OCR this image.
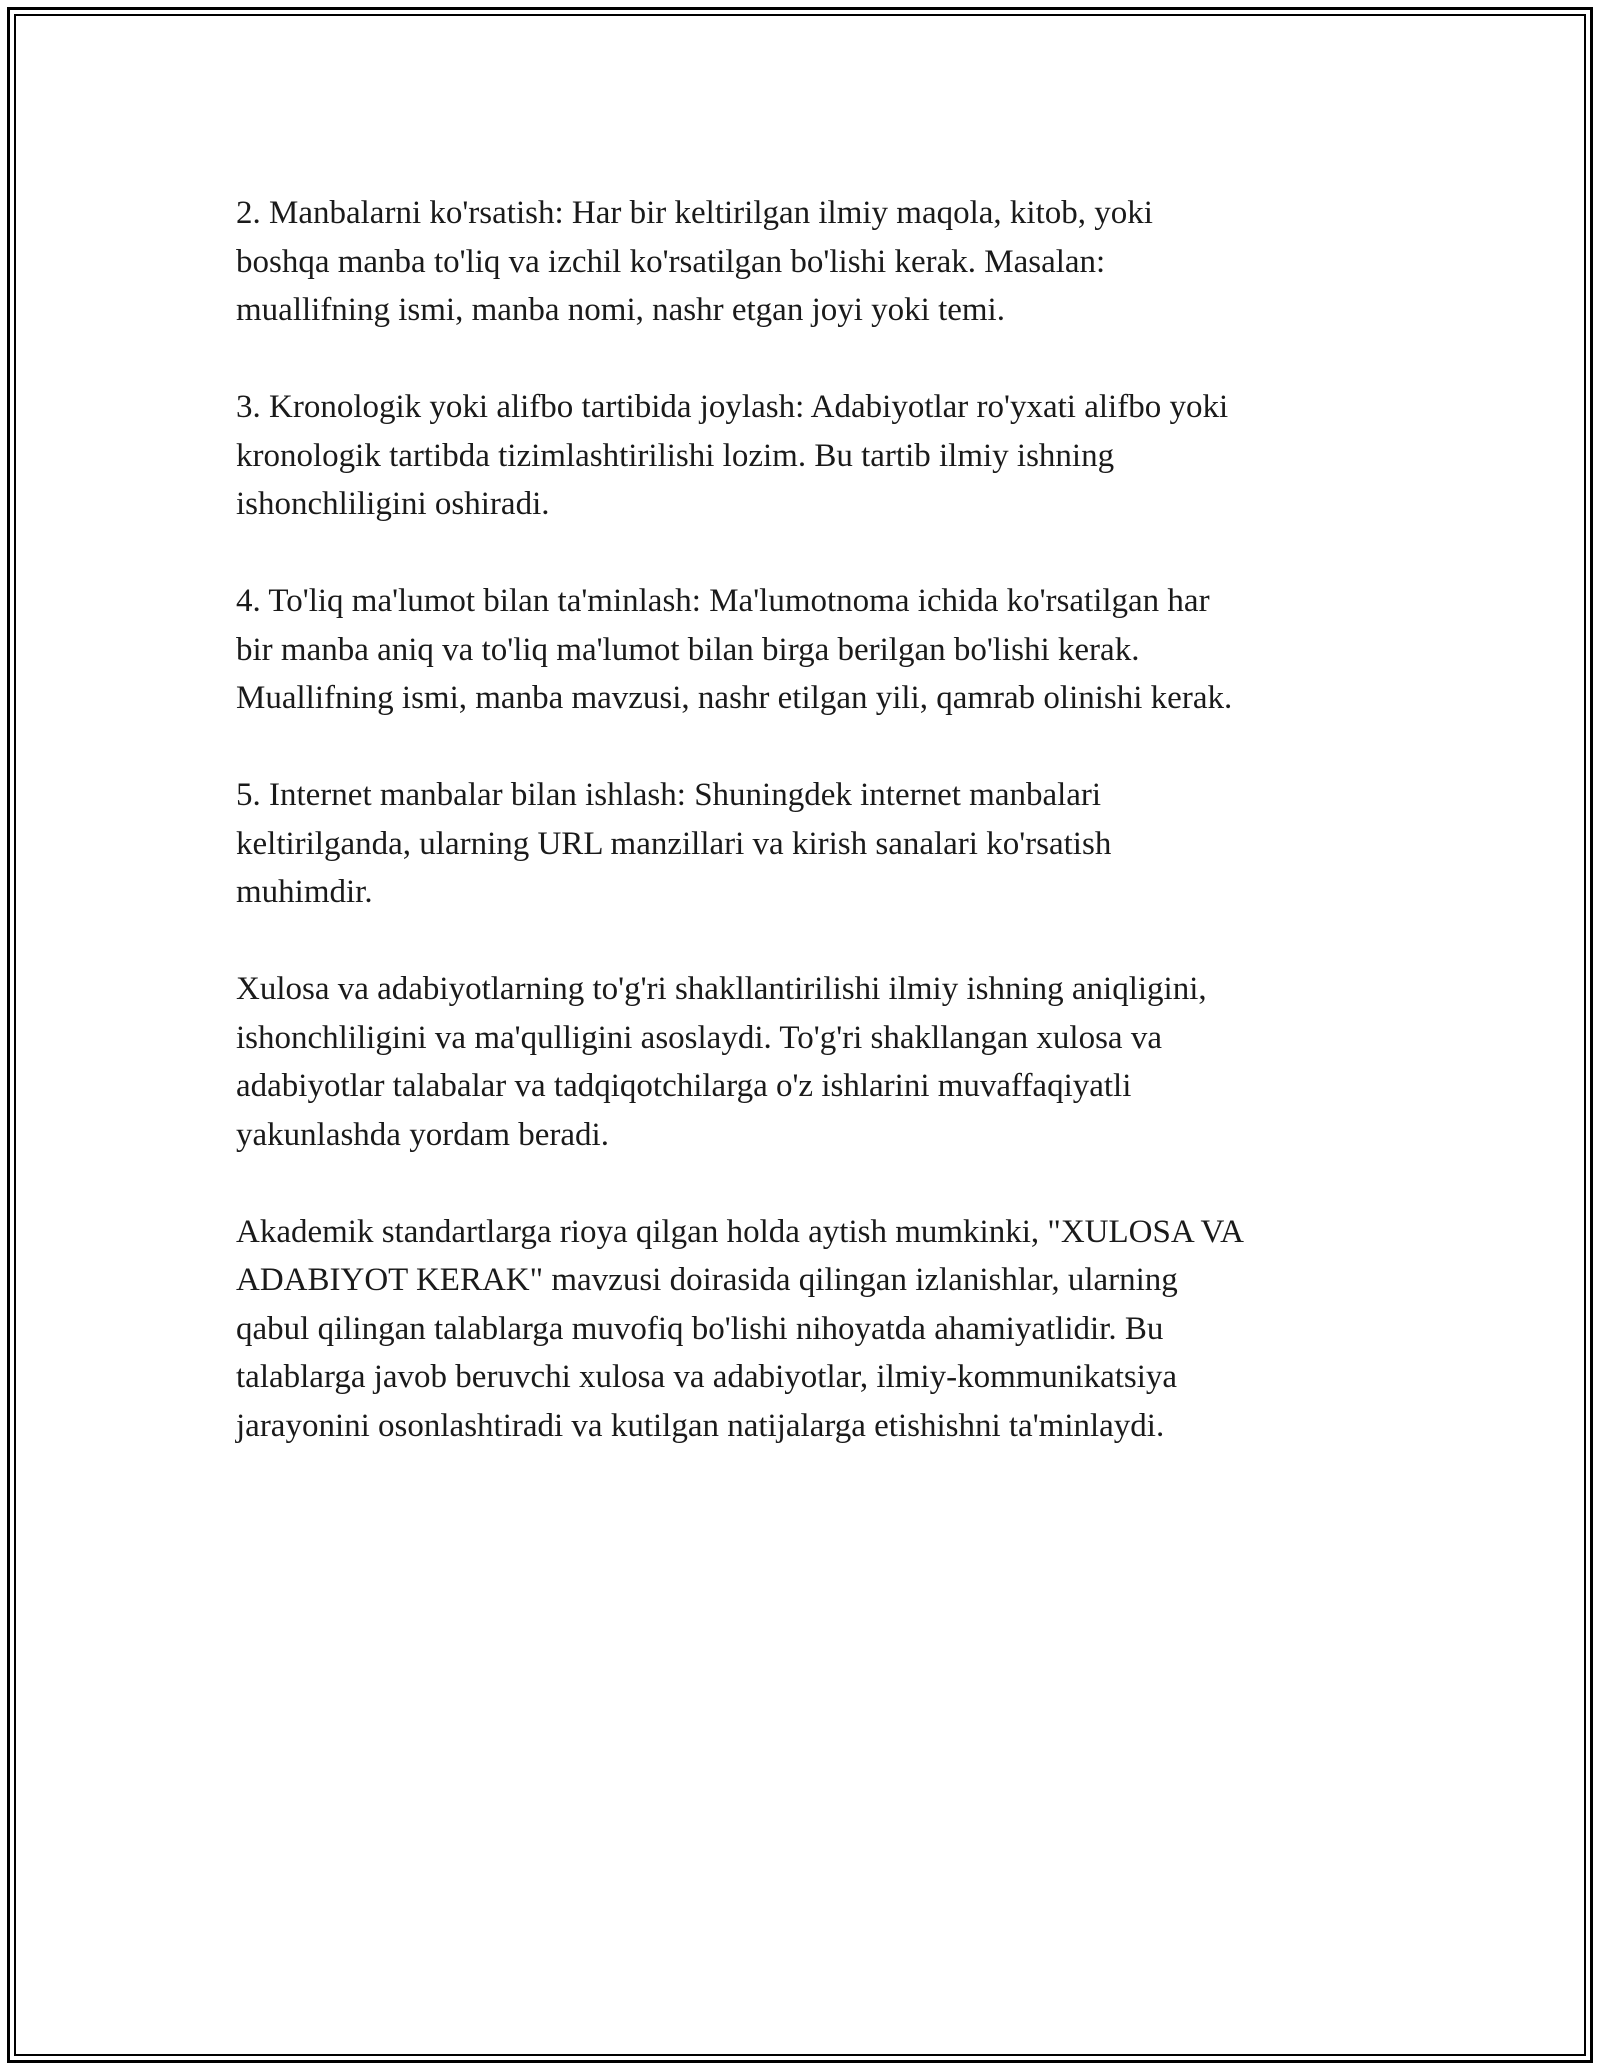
2. Manbalarni ko'rsatish: Har bir keltirilgan ilmiy maqola, kitob, yoki
boshqa manba to'liq va izchil ko'rsatilgan bo'lishi kerak. Masalan:
muallifning ismi, manba nomi, nashr etgan joyi yoki temi.

3. Kronologik yoki alifbo tartibida joylash: Adabiyotlar ro'yxati alifbo yoki
kronologik tartibda tizimlashtirilishi lozim. Bu tartib ilmiy ishning
ishonchliligini oshiradi.

4. To'liq ma'lumot bilan ta'minlash: Ma'lumotnoma ichida ko'rsatilgan har
bir manba aniq va to'liq ma'lumot bilan birga berilgan bo'lishi kerak.
Muallifning ismi, manba mavzusi, nashr etilgan yili, qamrab olinishi kerak.

5. Internet manbalar bilan ishlash: Shuningdek internet manbalari
keltirilganda, ularning URL manzillari va kirish sanalari ko'rsatish
muhimdir.

Xulosa va adabiyotlarning to'g'ri shakllantirilishi ilmiy ishning aniqligini,
ishonchliligini va ma'qulligini asoslaydi. To'g'ri shakllangan xulosa va
adabiyotlar talabalar va tadqiqotchilarga o'z ishlarini muvaffaqiyatli
yakunlashda yordam beradi.

Akademik standartlarga rioya qilgan holda aytish mumkinki, "XULOSA VA
ADABIYOT KERAK" mavzusi doirasida qilingan izlanishlar, ularning
qabul qilingan talablarga muvofiq bo'lishi nihoyatda ahamiyatlidir. Bu
talablarga javob beruvchi xulosa va adabiyotlar, ilmiy-kommunikatsiya
jarayonini osonlashtiradi va kutilgan natijalarga etishishni ta'minlaydi.
